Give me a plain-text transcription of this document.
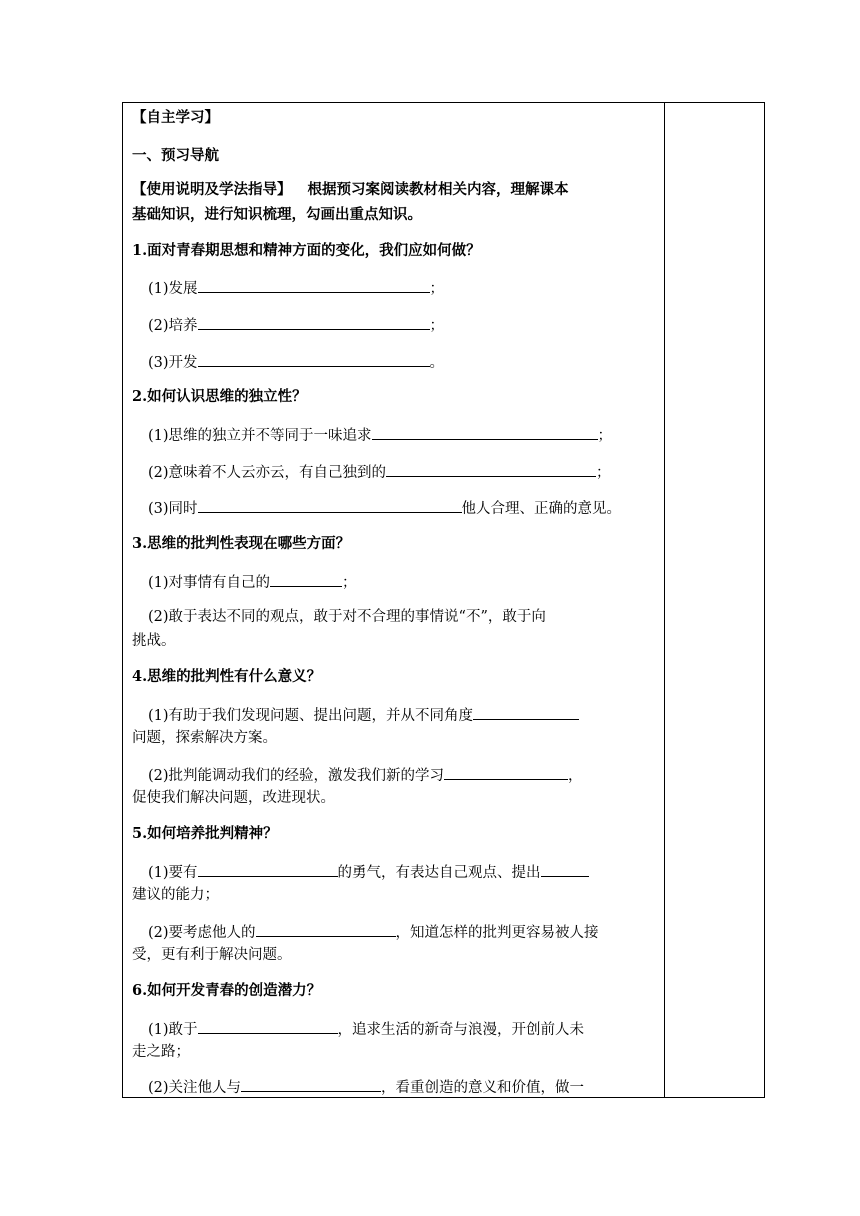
【自主学习】
一、预习导航
【使用说明及学法指导】 根据预习案阅读教材相关内容，理解课本
基础知识，进行知识梳理，勾画出重点知识。
1.面对青春期思想和精神方面的变化，我们应如何做？
(1)发展	；
(2)培养	；
(3)开发	。
2.如何认识思维的独立性？
(1)思维的独立并不等同于一味追求	；
(2)意味着不人云亦云，有自己独到的	；
(3)同时	他人合理、正确的意见。
3.思维的批判性表现在哪些方面？
(1)对事情有自己的	；
(2)敢于表达不同的观点，敢于对不合理的事情说“不”，敢于向
挑战。
4.思维的批判性有什么意义？
(1)有助于我们发现问题、提出问题，并从不同角度
问题，探索解决方案。
(2)批判能调动我们的经验，激发我们新的学习	，
促使我们解决问题，改进现状。
5.如何培养批判精神？
(1)要有	的勇气，有表达自己观点、提出
建议的能力；
(2)要考虑他人的	，知道怎样的批判更容易被人接
受，更有利于解决问题。
6.如何开发青春的创造潜力？
(1)敢于	，追求生活的新奇与浪漫，开创前人未
走之路；
(2)关注他人与	，看重创造的意义和价值，做一
